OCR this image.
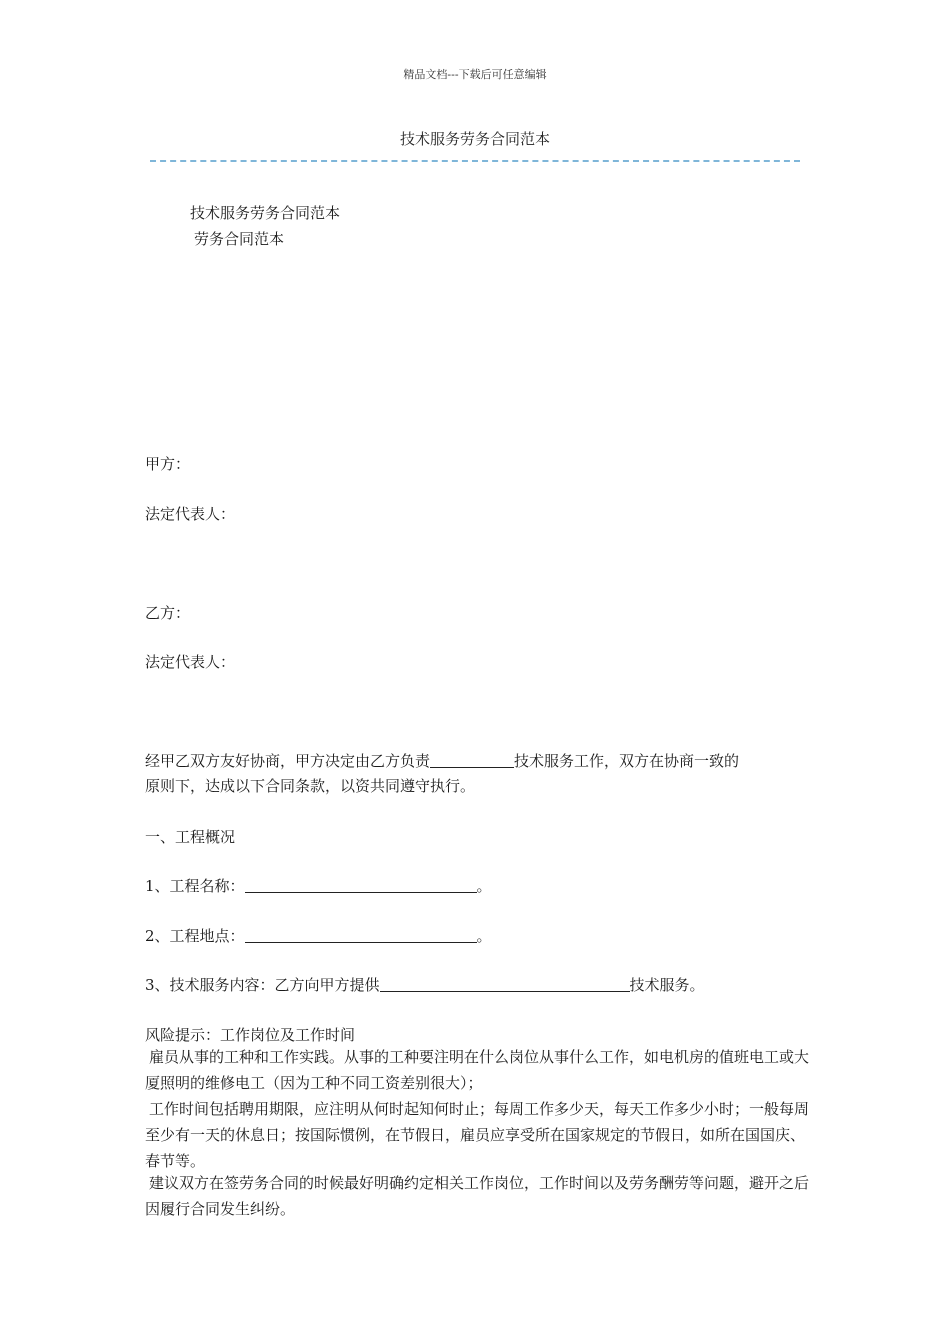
精品文档---下载后可任意编辑
技术服务劳务合同范本
技术服务劳务合同范本
劳务合同范本
甲方：
法定代表人：
乙方：
法定代表人：
经甲乙双方友好协商，甲方决定由乙方负责	技术服务工作，双方在协商一致的
原则下，达成以下合同条款，以资共同遵守执行。
一、工程概况
1、工程名称：	。
2、工程地点：	。
3、技术服务内容：乙方向甲方提供	技术服务。
风险提示：工作岗位及工作时间
雇员从事的工种和工作实践。从事的工种要注明在什么岗位从事什么工作，如电机房的值班电工或大厦照明的维修电工（因为工种不同工资差别很大）；
工作时间包括聘用期限，应注明从何时起知何时止；每周工作多少天，每天工作多少小时；一般每周至少有一天的休息日；按国际惯例，在节假日，雇员应享受所在国家规定的节假日，如所在国国庆、春节等。
建议双方在签劳务合同的时候最好明确约定相关工作岗位，工作时间以及劳务酬劳等问题，避开之后因履行合同发生纠纷。
